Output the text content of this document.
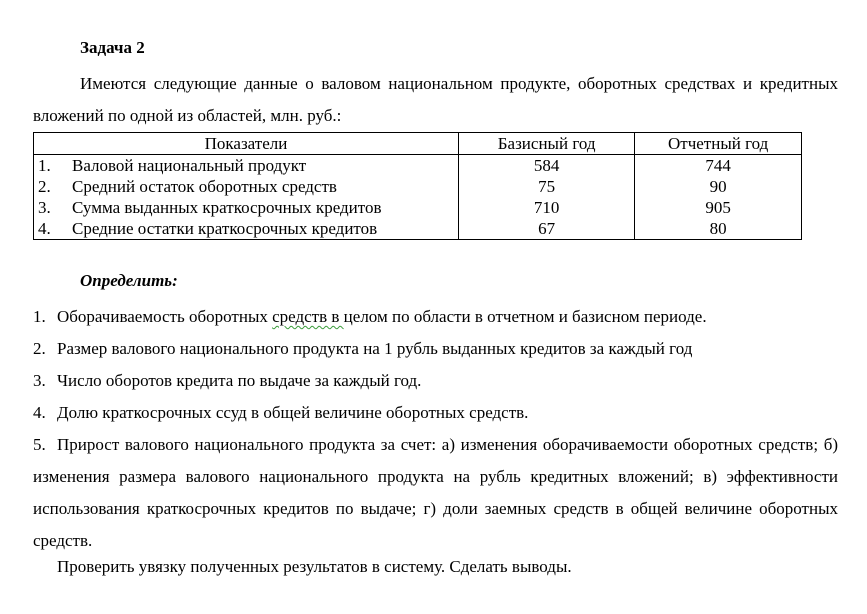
Задача 2
Имеются следующие данные о валовом национальном продукте, оборотных средствах и кредитных вложений по одной из областей, млн. руб.:
Показатели	Базисный год	Отчетный год
1. Валовой национальный продукт	584	744
2. Средний остаток оборотных средств	75	90
3. Сумма выданных краткосрочных кредитов	710	905
4. Средние остатки краткосрочных кредитов	67	80
Определить:
1. Оборачиваемость оборотных средств в целом по области в отчетном и базисном периоде.
2. Размер валового национального продукта на 1 рубль выданных кредитов за каждый год
3. Число оборотов кредита по выдаче за каждый год.
4. Долю краткосрочных ссуд в общей величине оборотных средств.
5. Прирост валового национального продукта за счет: а) изменения оборачиваемости оборотных средств; б) изменения размера валового национального продукта на рубль кредитных вложений; в) эффективности использования краткосрочных кредитов по выдаче; г) доли заемных средств в общей величине оборотных средств.
Проверить увязку полученных результатов в систему. Сделать выводы.
